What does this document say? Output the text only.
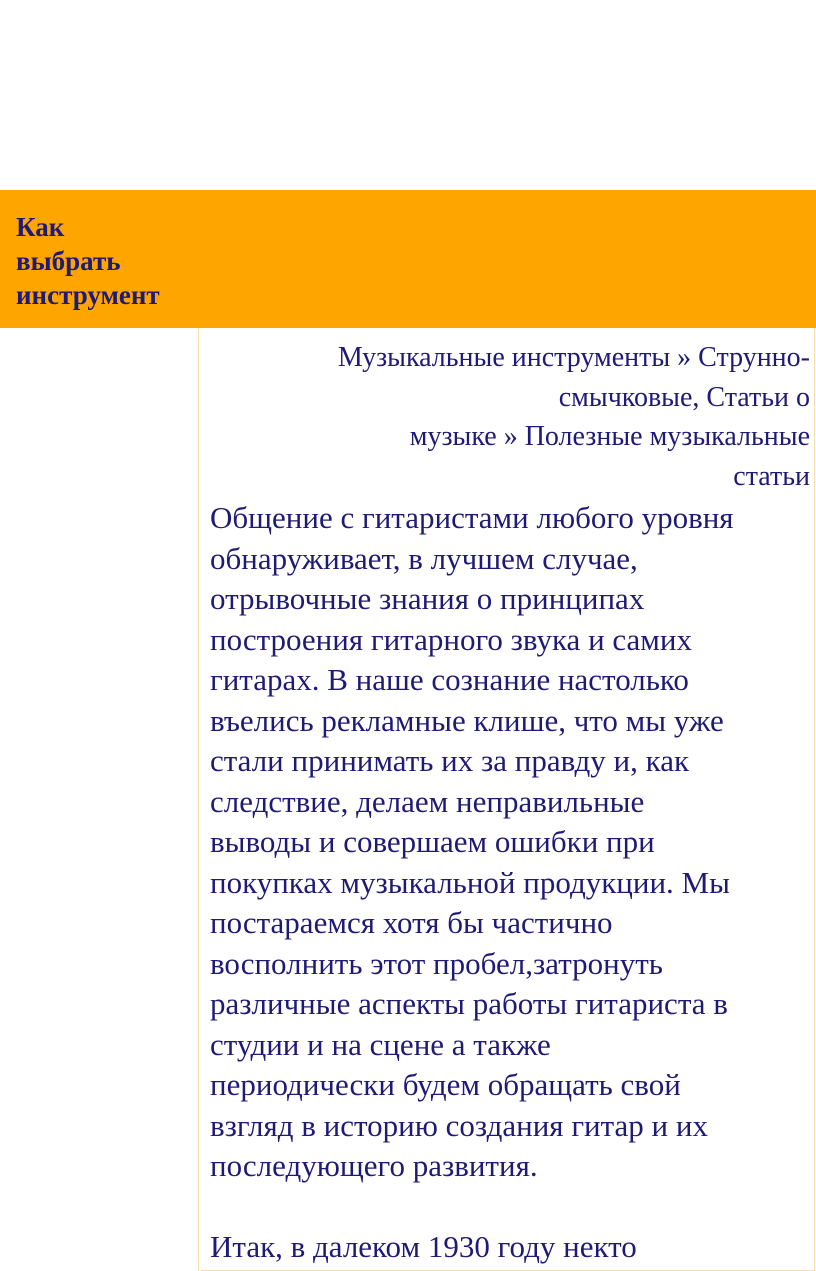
Как
выбрать
инструмент
Музыкальные инструменты » Струнно-
смычковые, Статьи о
музыке » Полезные музыкальные
статьи

Общение с гитаристами любого уровня
обнаруживает, в лучшем случае,
отрывочные знания о принципах
построения гитарного звука и самих
гитарах. В наше сознание настолько
въелись рекламные клише, что мы уже
стали принимать их за правду и, как
следствие, делаем неправильные
выводы и совершаем ошибки при
покупках музыкальной продукции. Мы
постараемся хотя бы частично
восполнить этот пробел,затронуть
различные аспекты работы гитариста в
студии и на сцене а также
периодически будем обращать свой
взгляд в историю создания гитар и их
последующего развития.

Итак, в далеком 1930 году некто
